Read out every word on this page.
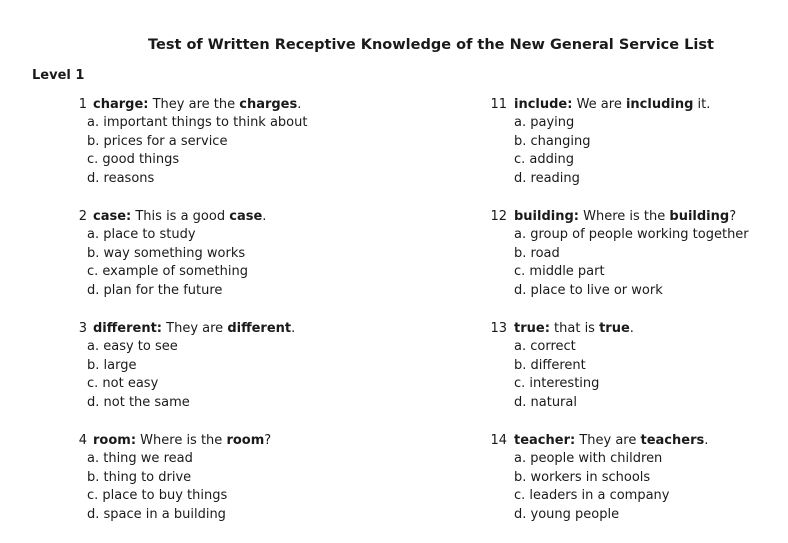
Test of Written Receptive Knowledge of the New General Service List
Level 1
1 charge: They are the charges.
a. important things to think about
b. prices for a service
c. good things
d. reasons
2 case: This is a good case.
a. place to study
b. way something works
c. example of something
d. plan for the future
3 different: They are different.
a. easy to see
b. large
c. not easy
d. not the same
4 room: Where is the room?
a. thing we read
b. thing to drive
c. place to buy things
d. space in a building
11 include: We are including it.
a. paying
b. changing
c. adding
d. reading
12 building: Where is the building?
a. group of people working together
b. road
c. middle part
d. place to live or work
13 true: that is true.
a. correct
b. different
c. interesting
d. natural
14 teacher: They are teachers.
a. people with children
b. workers in schools
c. leaders in a company
d. young people
